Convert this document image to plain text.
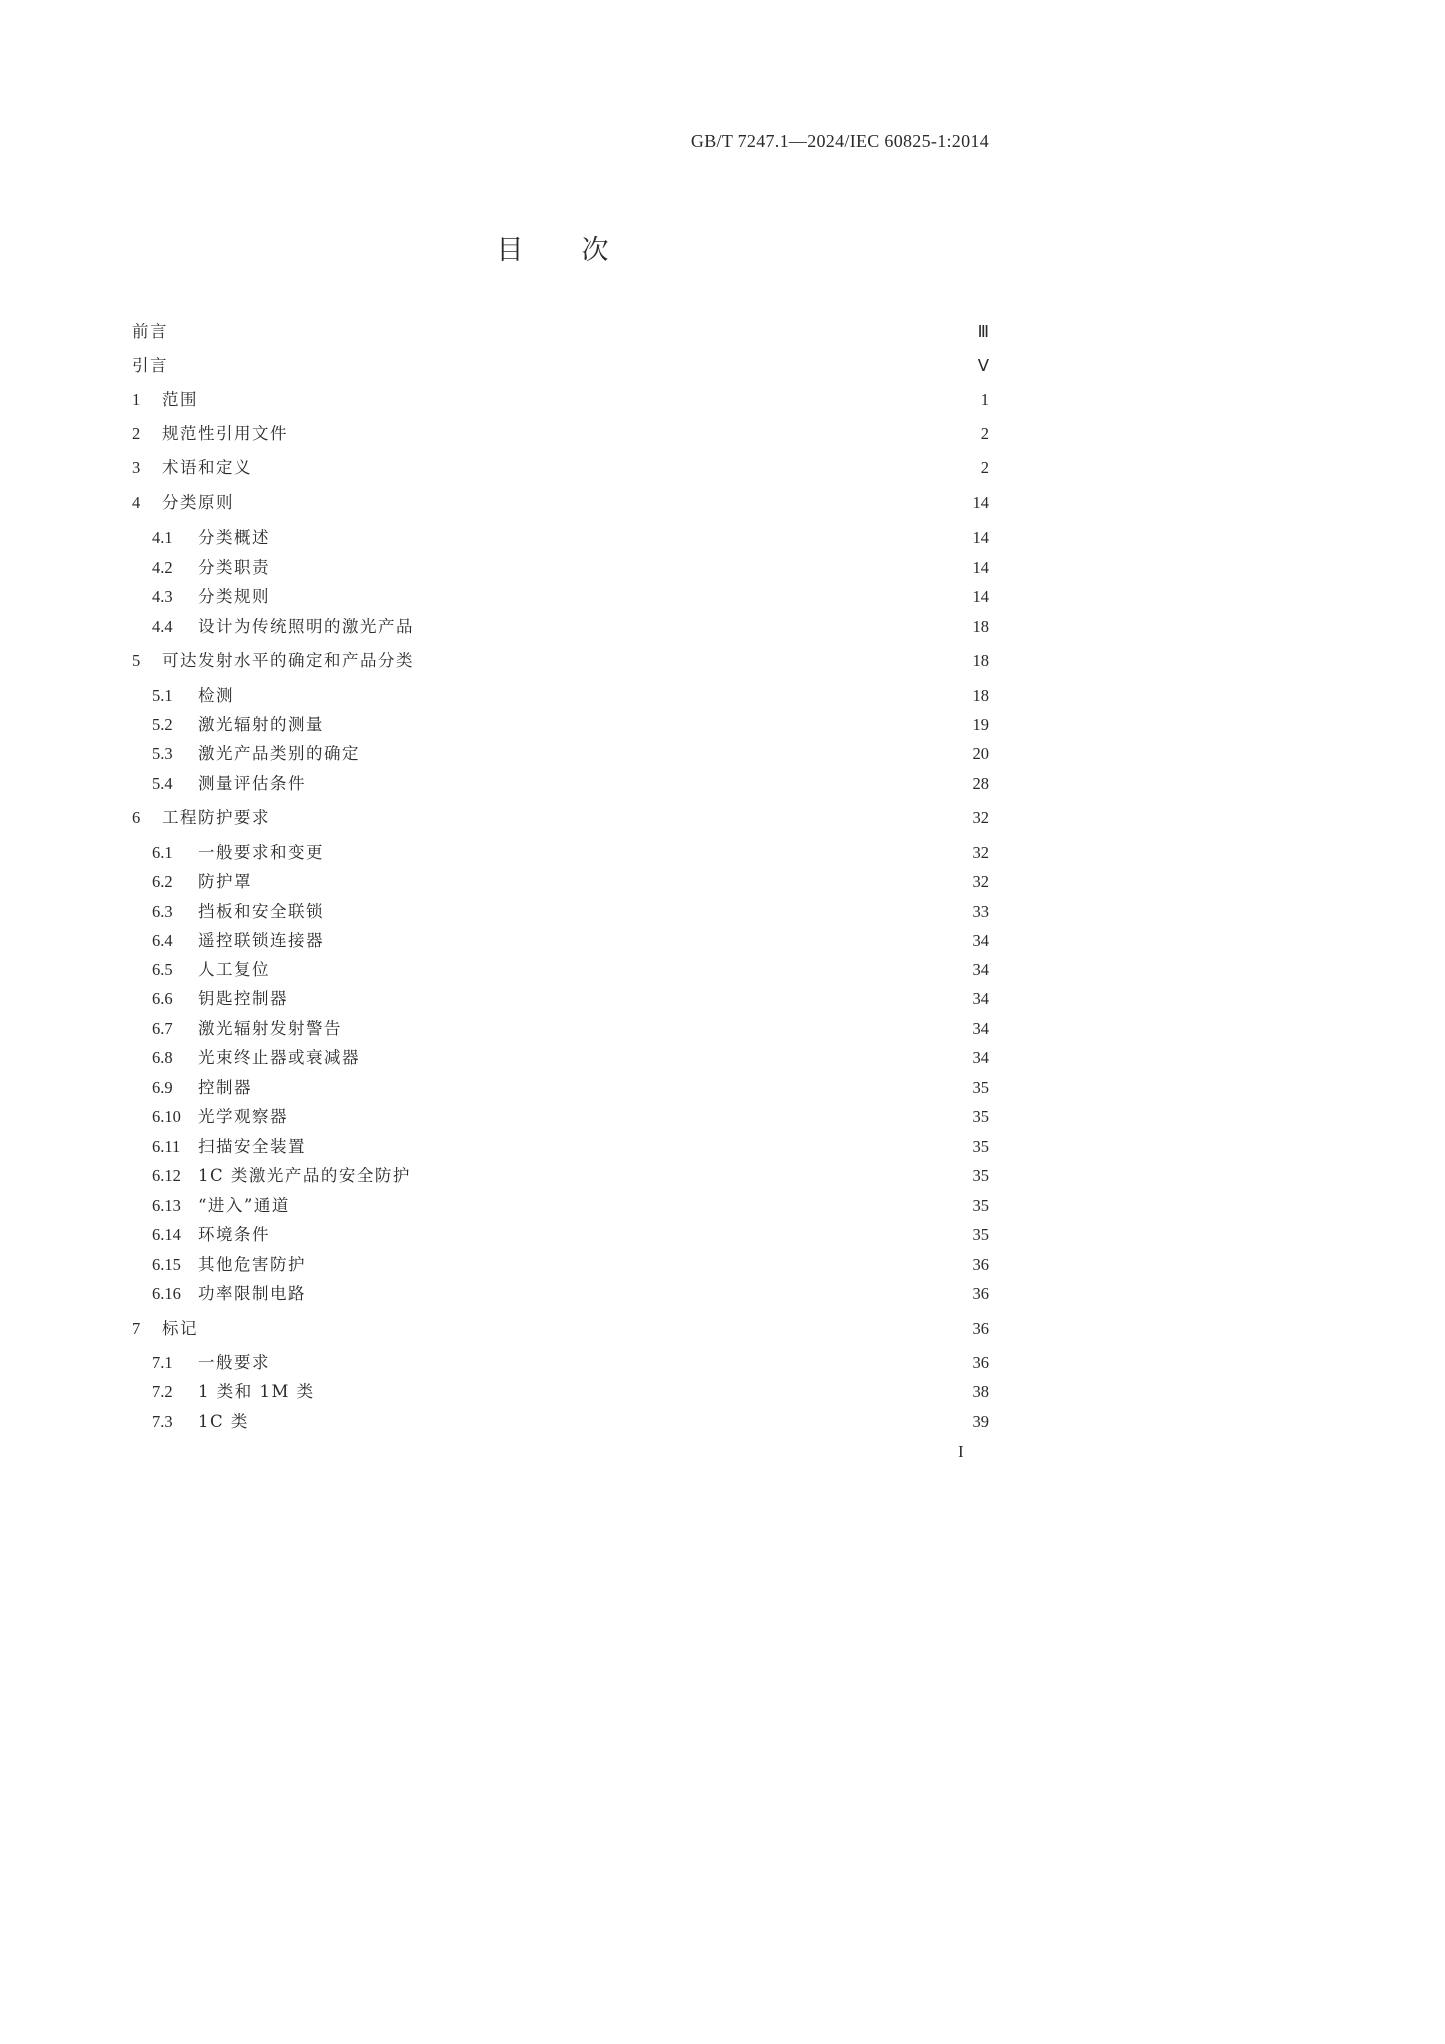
GB/T 7247.1—2024/IEC 60825-1:2014
目次
前言	Ⅲ
引言	Ⅴ
1	范围	1
2	规范性引用文件	2
3	术语和定义	2
4	分类原则	14
4.1	分类概述	14
4.2	分类职责	14
4.3	分类规则	14
4.4	设计为传统照明的激光产品	18
5	可达发射水平的确定和产品分类	18
5.1	检测	18
5.2	激光辐射的测量	19
5.3	激光产品类别的确定	20
5.4	测量评估条件	28
6	工程防护要求	32
6.1	一般要求和变更	32
6.2	防护罩	32
6.3	挡板和安全联锁	33
6.4	遥控联锁连接器	34
6.5	人工复位	34
6.6	钥匙控制器	34
6.7	激光辐射发射警告	34
6.8	光束终止器或衰减器	34
6.9	控制器	35
6.10	光学观察器	35
6.11	扫描安全装置	35
6.12	1C 类激光产品的安全防护	35
6.13	“进入”通道	35
6.14	环境条件	35
6.15	其他危害防护	36
6.16	功率限制电路	36
7	标记	36
7.1	一般要求	36
7.2	1 类和 1M 类	38
7.3	1C 类	39
I
